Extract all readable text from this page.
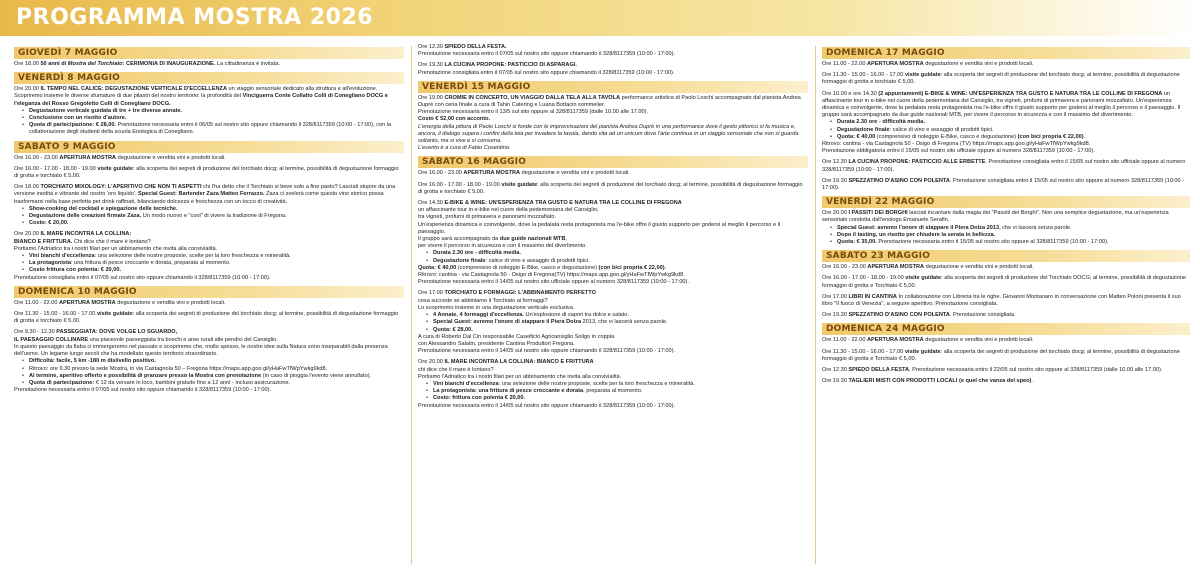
PROGRAMMA MOSTRA 2026
GIOVEDÌ 7 MAGGIO

Ore 18.00 50 anni di Mostra del Torchiato: CERIMONIA DI INAUGURAZIONE. La cittadinanza è invitata.

VENERDÌ 8 MAGGIO

Ore 20.00 IL TEMPO NEL CALICE: DEGUSTAZIONE VERTICALE D'ECCELLENZA un viaggio sensoriale dedicato alla struttura e all'evoluzione. Scopriremo insieme le diverse sfumature di due pilastri del nostro territorio: la profondità del Vinciguerra Conte Collalto Colli di Conegliano DOCG e l'eleganza del Rosso Gregoletto Colli di Conegliano DOCG.

• Degustazione verticale guidata di tre + tre diverse annate.
• Conclusione con un risotto d'autore.
• Quota di partecipazione: € 28,00. Prenotazione necessaria entro il 06/05 sul nostro sito oppure chiamando il 328/8117359 (10:00 - 17:00), con la collaborazione degli studenti della scuola Enologica di Conegliano.
SABATO 9 MAGGIO

Ore 16.00 - 23.00 APERTURA MOSTRA degustazione e vendita vini e prodotti locali.

Ore 16.00 - 17.00 - 18.00 - 19.00 visite guidate: alla scoperta dei segreti di produzione del torchiato docg; al termine, possibilità di degustazione formaggio di grotta e torchiato € 5,00.

Ore 18.00 TORCHIATO MIXOLOGY: L'APERITIVO CHE NON TI ASPETTI chi l'ha detto che il Torchiato si beve solo a fine pasto? Lasciati stupire da una versione inedita e vibrante del nostro 'oro liquido'. Special Guest: Bartender Zaza Matteo Ferrazzo. Zaza ci svelerà come questo vino storico possa trasformarsi nella base perfetta per drink raffinati, bilanciando dolcezza e freschezza con un tocco di creatività.

• Show-cooking del cocktail e spiegazione delle tecniche.
• Degustazione delle creazioni firmate Zaza. Un modo nuovo e "cool" di vivere la tradizione di Fregona.
• Costo: € 20,00.

Ore 20.00 IL MARE INCONTRA LA COLLINA:
BIANCO E FRITTURA. Chi dice che il mare è lontano?
Portiamo l'Adriatico tra i nostri filari per un abbinamento che invita alla convivialità.

• Vini bianchi d'eccellenza: una selezione delle nostre proposte, scelte per la loro freschezza e mineralità.
• La protagonista: una frittura di pesce croccante e dorata, preparata al momento.
• Costo frittura con polenta: € 20,00.

Prenotazione consigliata entro il 07/05 sul nostro sito oppure chiamando il 328/8117359 (10:00 - 17:00).

DOMENICA 10 MAGGIO

Ore 11.00 - 22.00 APERTURA MOSTRA degustazione e vendita vini e prodotti locali.

Ore 11.30 - 15.00 - 16.00 - 17.00 visite guidate: alla scoperta dei segreti di produzione del torchiato docg; al termine, possibilità di degustazione formaggio di grotta e torchiato € 5,00.

Ore 9.30 - 12.30 PASSEGGIATA: DOVE VOLGE LO SGUARDO,
IL PAESAGGIO COLLINARE una piacevole passeggiata tra boschi e aree rurali alle pendici del Cansiglio.
In questo paesaggio da fiaba ci immergeremo nel passato e scopriremo che, molto spesso, le nostre idee sulla Natura sono inseparabili dalla presenza dell'uomo. Un legame lungo secoli che ha modellato questo territorio straordinario.

• Difficoltà: facile, 5 km -180 m dislivello positivo.
• Ritrovo: ore 9.30 presso la sede Mostra, in via Castagnola 50 – Fregona https://maps.app.goo.gl/yHaFwTfWpYwkg9kd8.
• Al termine, aperitivo offerto e possibilità di pranzare presso la Mostra con prenotazione (in caso di pioggia l'evento viene annullato).
• Quota di partecipazione: € 12 da versare in loco, bambini gratuito fino a 12 anni - incluso assicurazione.

Prenotazione necessaria entro il 07/05 sul nostro sito oppure chiamando il 328/8117359 (10:00 - 17:00).

Ore 12.30 SPIEDO DELLA FESTA.
Prenotazione necessaria entro il 07/05 sul nostro sito oppure chiamando il 328/8117359 (10:00 - 17:00).

Ore 19.30 LA CUCINA PROPONE: PASTICCIO DI ASPARAGI.
Prenotazione consigliata entro il 07/05 sul nostro sito oppure chiamando il 328/8117359 (10:00 - 17:00).

VENERDÌ 15 MAGGIO

Ore 19.00 CROMIE IN CONCERTO, UN VIAGGIO DALLA TELA ALLA TAVOLA performance artistica di Paolo Loschi accompagnato dal pianista Andrea Duprè con cena finale a cura di Tahin Catering e Luana Bottacin sommelier.
Prenotazione necessaria entro il 13/5 sul sito oppure al 328/8117359 (dalle 10.00 alle 17.00).
Costo € 52,00 con acconto.
L'energia della pittura di Paolo Loschi si fonde con le improvvisazioni del pianista Andrea Duprè in una performance dove il gesto pittorico si fa musica e, ancora, il dialogo supera i confini della tela per invadere la tavola, dando vita ad un unicum dove l'arte continua in un viaggio sensoriale che non si guarda soltanto, ma si vive e si consuma.
L'evento è a cura di Fabio Cosentino.

SABATO 16 MAGGIO

Ore 16.00 - 23.00 APERTURA MOSTRA degustazione e vendita vini e prodotti locali.

Ore 16.00 - 17.00 - 18.00 - 19.00 visite guidate: alla scoperta dei segreti di produzione del torchiato docg; al termine, possibilità di degustazione formaggio di grotta e torchiato € 5,00.

Ore 14.30 E-BIKE & WINE: UN'ESPERIENZA TRA GUSTO E NATURA TRA LE COLLINE DI FREGONA
un affascinante tour in e-bike nel cuore della pedemontana del Cansiglio,
tra vigneti, profumi di primavera e panorami mozzafiato.
Un'esperienza dinamica e coinvolgente, dove la pedalata resta protagonista ma l'e-bike offre il giusto supporto per godersi al meglio il percorso e il paesaggio.
Il gruppo sarà accompagnato da due guide nazionali MTB,
per vivere il percorso in sicurezza e con il massimo del divertimento.

• Durata 2.30 ore - difficoltà media.
• Degustazione finale: calice di vino e assaggio di prodotti tipici.

Quota: € 40,00 (comprensivo di noleggio E-Bike, casco e degustazione) (con bici propria € 22,00).
Ritrovo: cantina - via Castagnola 50 - Osigo di Fregona(TV) https://maps.app.goo.gl/yHaFwTfWpYwkg9kd8.
Prenotazione necessaria entro il 14/05 sul nostro sito ufficiale oppure al numero 328/8117359 (10:00 - 17:00).

Ore 17.00 TORCHIATO E FORMAGGI: L'ABBINAMENTO PERFETTO
cosa succede se abbiniamo il Torchiato ai formaggi?
Lo scopriremo insieme in una degustazione verticale esclusiva.

• 4 Annate, 4 formaggi d'eccellenza. Un'esplosione di sapori tra dolce e salato.
• Special Guest: avremo l'onore di stappare il Piera Dolza 2013, che vi lascerà senza parole.
• Quota: € 28,00.

A cura di Roberto Dal Cin responsabile Caseificio Agricansiglio Soligo in coppia
con Alessandro Salatin, presidente Cantina Produttori Fregona.
Prenotazione necessaria entro il 14/05 sul nostro sito oppure chiamando il 328/8117359 (10:00 - 17:00).

Ore 20.00 IL MARE INCONTRA LA COLLINA: BIANCO E FRITTURA
chi dice che il mare è lontano?
Portiamo l'Adriatico tra i nostri filari per un abbinamento che invita alla convivialità.

• Vini bianchi d'eccellenza: una selezione delle nostre proposte, scelte per la loro freschezza e mineralità.
• La protagonista: una frittura di pesce croccante e dorata, preparata al momento.
• Costo: frittura con polenta € 20,00.

Prenotazione necessaria entro il 14/05 sul nostro sito oppure chiamando il 328/8117359 (10:00 - 17:00).

DOMENICA 17 MAGGIO

Ore 11.00 - 22.00 APERTURA MOSTRA degustazione e vendita vini e prodotti locali.

Ore 11.30 - 15.00 - 16.00 - 17.00 visite guidate: alla scoperta dei segreti di produzione del torchiato docg; al termine, possibilità di degustazione formaggio di grotta e torchiato € 5,00.

Ore 10.00 e ore 14.30 (2 appuntamenti) E-BIKE & WINE: UN'ESPERIENZA TRA GUSTO E NATURA TRA LE COLLINE DI FREGONA un affascinante tour in e-bike nel cuore della pedemontana del Cansiglio, tra vigneti, profumi di primavera e panorami mozzafiato. Un'esperienza dinamica e coinvolgente, dove la pedalata resta protagonista ma l'e-bike offre il giusto supporto per godersi al meglio il percorso e il paesaggio. Il gruppo sarà accompagnato da due guide nazionali MTB, per vivere il percorso in sicurezza e con il massimo del divertimento.

• Durata 2.30 ore - difficoltà media.
• Degustazione finale: calice di vino e assaggio di prodotti tipici.
• Quota: € 40,00 (comprensivo di noleggio E-Bike, casco e degustazione) (con bici propria € 22,00).

Ritrovo: cantina - via Castagnola 50 - Osigo di Fregona (TV) https://maps.app.goo.gl/yHaFwTfWpYwkg9kd8.
Prenotazione obbligatoria entro il 15/05 sul nostro sito ufficiale oppure al numero 328/8117359 (10:00 - 17:00).

Ore 12.30 LA CUCINA PROPONE: PASTICCIO ALLE ERBETTE. Prenotazione consigliata entro il 15/05 sul nostro sito ufficiale oppure al numero 328/8117359 (10:00 - 17:00).

Ore 19.30 SPEZZATINO D'ASINO CON POLENTA. Prenotazione consigliata entro il 15/05 sul nostro sito oppure al numero 328/8117359 (10:00 - 17:00).

VENERDÌ 22 MAGGIO

Ore 20.00 I PASSITI DEI BORGHI lasciati incantare dalla magia dei "Passiti dei Borghi". Non una semplice degustazione, ma un'esperienza sensoriale condotta dall'enologo Emanuele Serafin.

• Special Guest: avremo l'onore di stappare il Piera Dolza 2013, che vi lascerà senza parole.
• Dopo il tasting, un risotto per chiudere la serata in bellezza.
• Quota: € 35,00. Prenotazione necessaria entro il 15/05 sul nostro sito oppure al 328/8117359 (10:00 - 17:00).
SABATO 23 MAGGIO

Ore 16.00 - 23.00 APERTURA MOSTRA degustazione e vendita vini e prodotti locali.

Ore 16.00 - 17.00 - 18.00 - 19.00 visite guidate: alla scoperta dei segreti di produzione del Torchiato DOCG; al termine, possibilità di degustazione formaggio di grotta e Torchiato € 5,00.

Ore 17.00 LIBRI IN CANTINA In collaborazione con Libreria tra le righe. Giovanni Montanaro in conversazione con Matteo Poloni presenta il suo libro "Il fuoco di Venezia", a seguire aperitivo. Prenotazione consigliata.

Ore 19.30 SPEZZATINO D'ASINO CON POLENTA. Prenotazione consigliata.

DOMENICA 24 MAGGIO

Ore 11.00 - 22.00 APERTURA MOSTRA degustazione e vendita vini e prodotti locali.

Ore 11.30 - 15.00 - 16.00 - 17.00 visite guidate: alla scoperta dei segreti di produzione del torchiato docg; al termine, possibilità di degustazione formaggio di grotta e Torchiato € 5,00.

Ore 12.30 SPIEDO DELLA FESTA. Prenotazione necessaria entro il 22/05 sul nostro sito oppure al 328/8117359 (dalle 10.00 alle 17.00).

Ore 19.30 TAGLIERI MISTI CON PRODOTTI LOCALI (e quel che vanza del speo).
